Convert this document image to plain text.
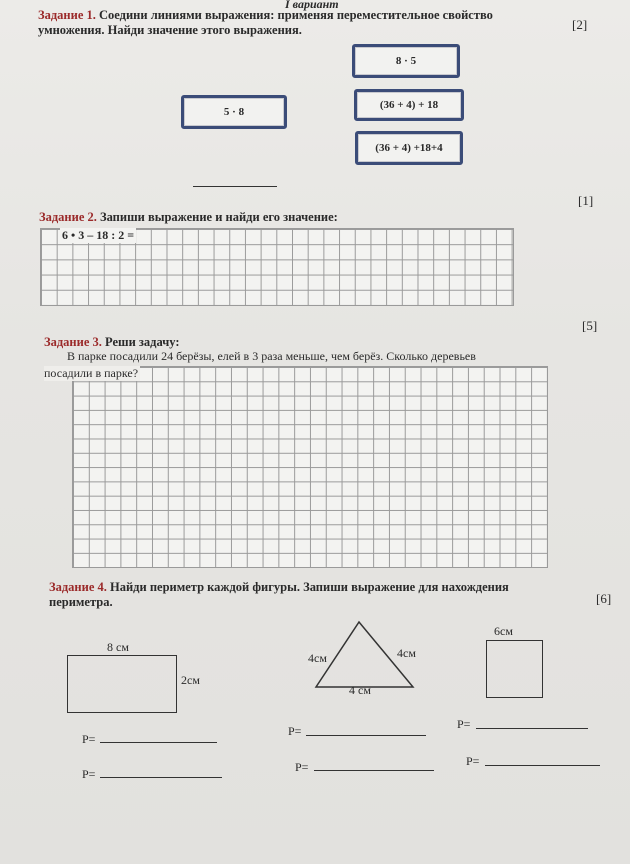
I вариант
Задание 1. Соедини линиями выражения: применяя переместительное свойство
умножения. Найди значение этого выражения.	[2]
5 · 8
8 · 5
(36 + 4) + 18
(36 + 4) +18+4
Задание 2. Запиши выражение и найди его значение:
[1]
6 • 3 – 18 : 2 =
Задание 3. Реши задачу:
[5]
В парке посадили 24 берёзы, елей в 3 раза меньше, чем берёз. Сколько деревьев
посадили в парке?
Задание 4. Найди периметр каждой фигуры. Запиши выражение для нахождения
периметра.	[6]
8 см
2см
4см	4см
4 см
6см
Р=
Р=	Р=
Р=	Р=	Р=
